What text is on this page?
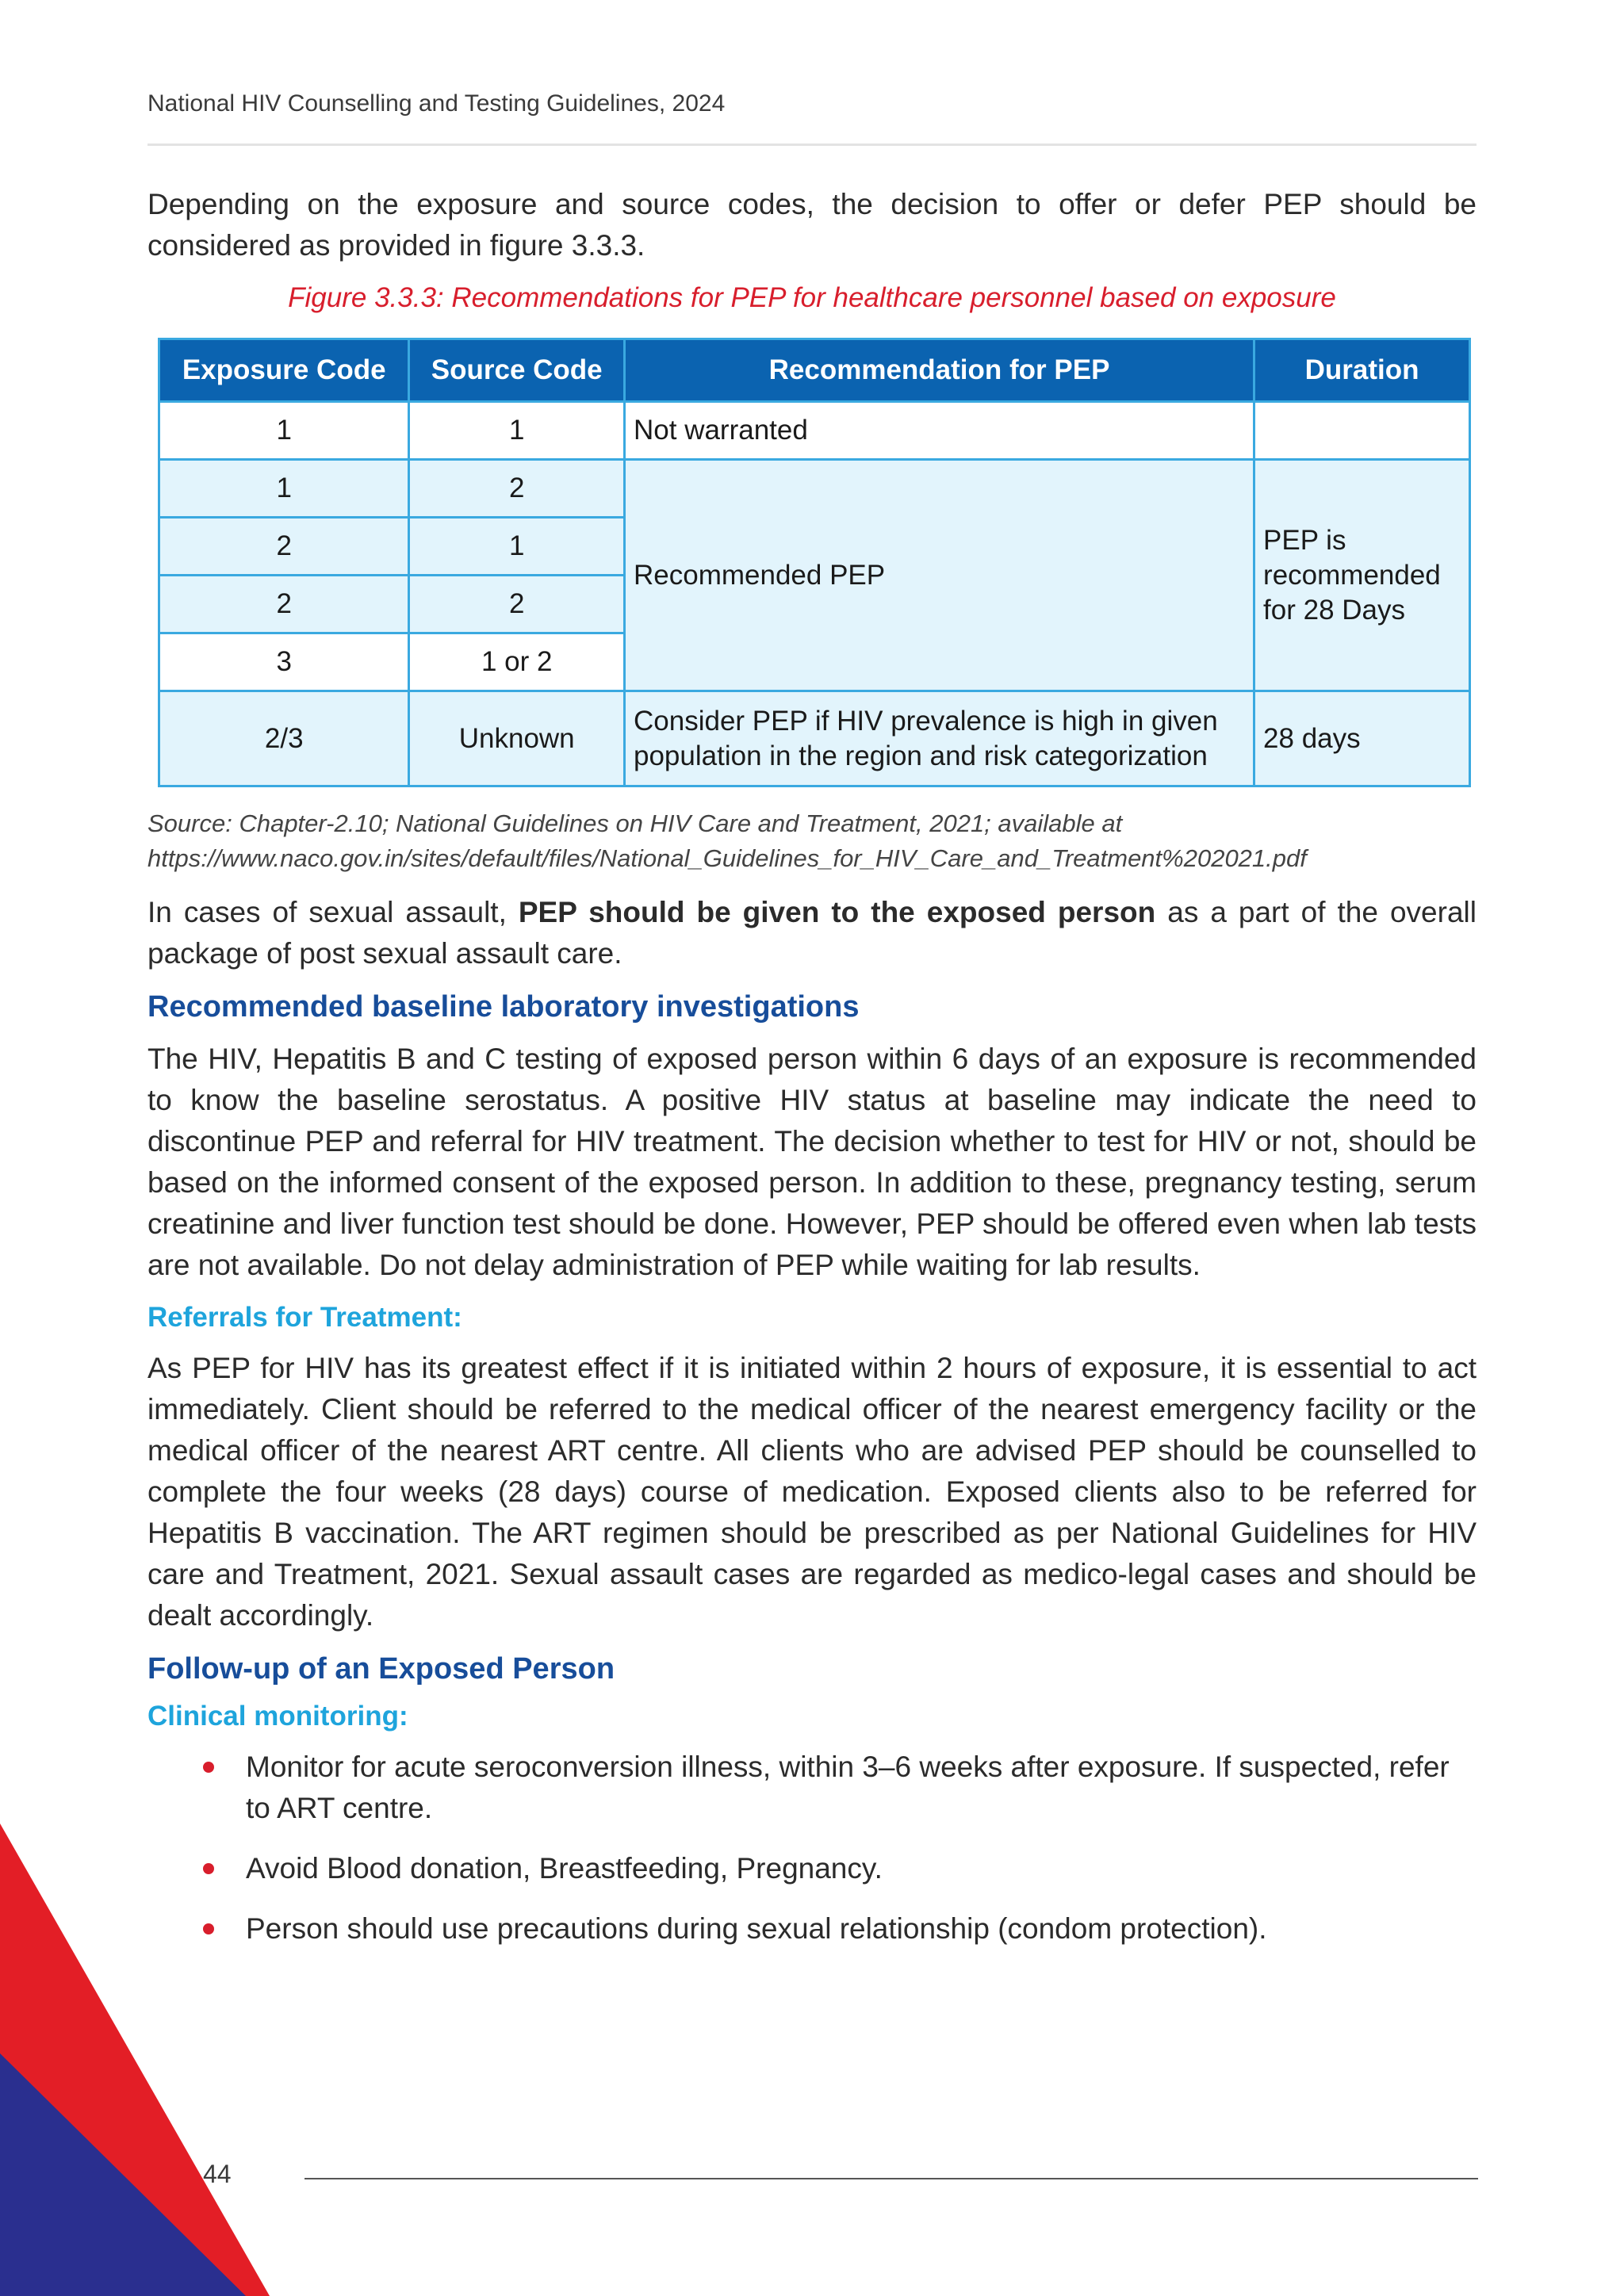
National HIV Counselling and Testing Guidelines, 2024

Depending on the exposure and source codes, the decision to offer or defer PEP should be considered as provided in figure 3.3.3.

Figure 3.3.3: Recommendations for PEP for healthcare personnel based on exposure
Exposure Code	Source Code	Recommendation for PEP	Duration
1	1	Not warranted	
1	2	Recommended PEP	PEP is recommended for 28 Days
2	1		
2	2		
3	1 or 2		
2/3	Unknown	Consider PEP if HIV prevalence is high in given population in the region and risk categorization	28 days
Source: Chapter-2.10; National Guidelines on HIV Care and Treatment, 2021; available at https://www.naco.gov.in/sites/default/files/National_Guidelines_for_HIV_Care_and_Treatment%202021.pdf

In cases of sexual assault, PEP should be given to the exposed person as a part of the overall package of post sexual assault care.

Recommended baseline laboratory investigations

The HIV, Hepatitis B and C testing of exposed person within 6 days of an exposure is recommended to know the baseline serostatus. A positive HIV status at baseline may indicate the need to discontinue PEP and referral for HIV treatment. The decision whether to test for HIV or not, should be based on the informed consent of the exposed person. In addition to these, pregnancy testing, serum creatinine and liver function test should be done. However, PEP should be offered even when lab tests are not available. Do not delay administration of PEP while waiting for lab results.

Referrals for Treatment:

As PEP for HIV has its greatest effect if it is initiated within 2 hours of exposure, it is essential to act immediately. Client should be referred to the medical officer of the nearest emergency facility or the medical officer of the nearest ART centre. All clients who are advised PEP should be counselled to complete the four weeks (28 days) course of medication. Exposed clients also to be referred for Hepatitis B vaccination. The ART regimen should be prescribed as per National Guidelines for HIV care and Treatment, 2021. Sexual assault cases are regarded as medico-legal cases and should be dealt accordingly.

Follow-up of an Exposed Person
Clinical monitoring:
Monitor for acute seroconversion illness, within 3–6 weeks after exposure. If suspected, refer to ART centre.
Avoid Blood donation, Breastfeeding, Pregnancy.
Person should use precautions during sexual relationship (condom protection).
44
